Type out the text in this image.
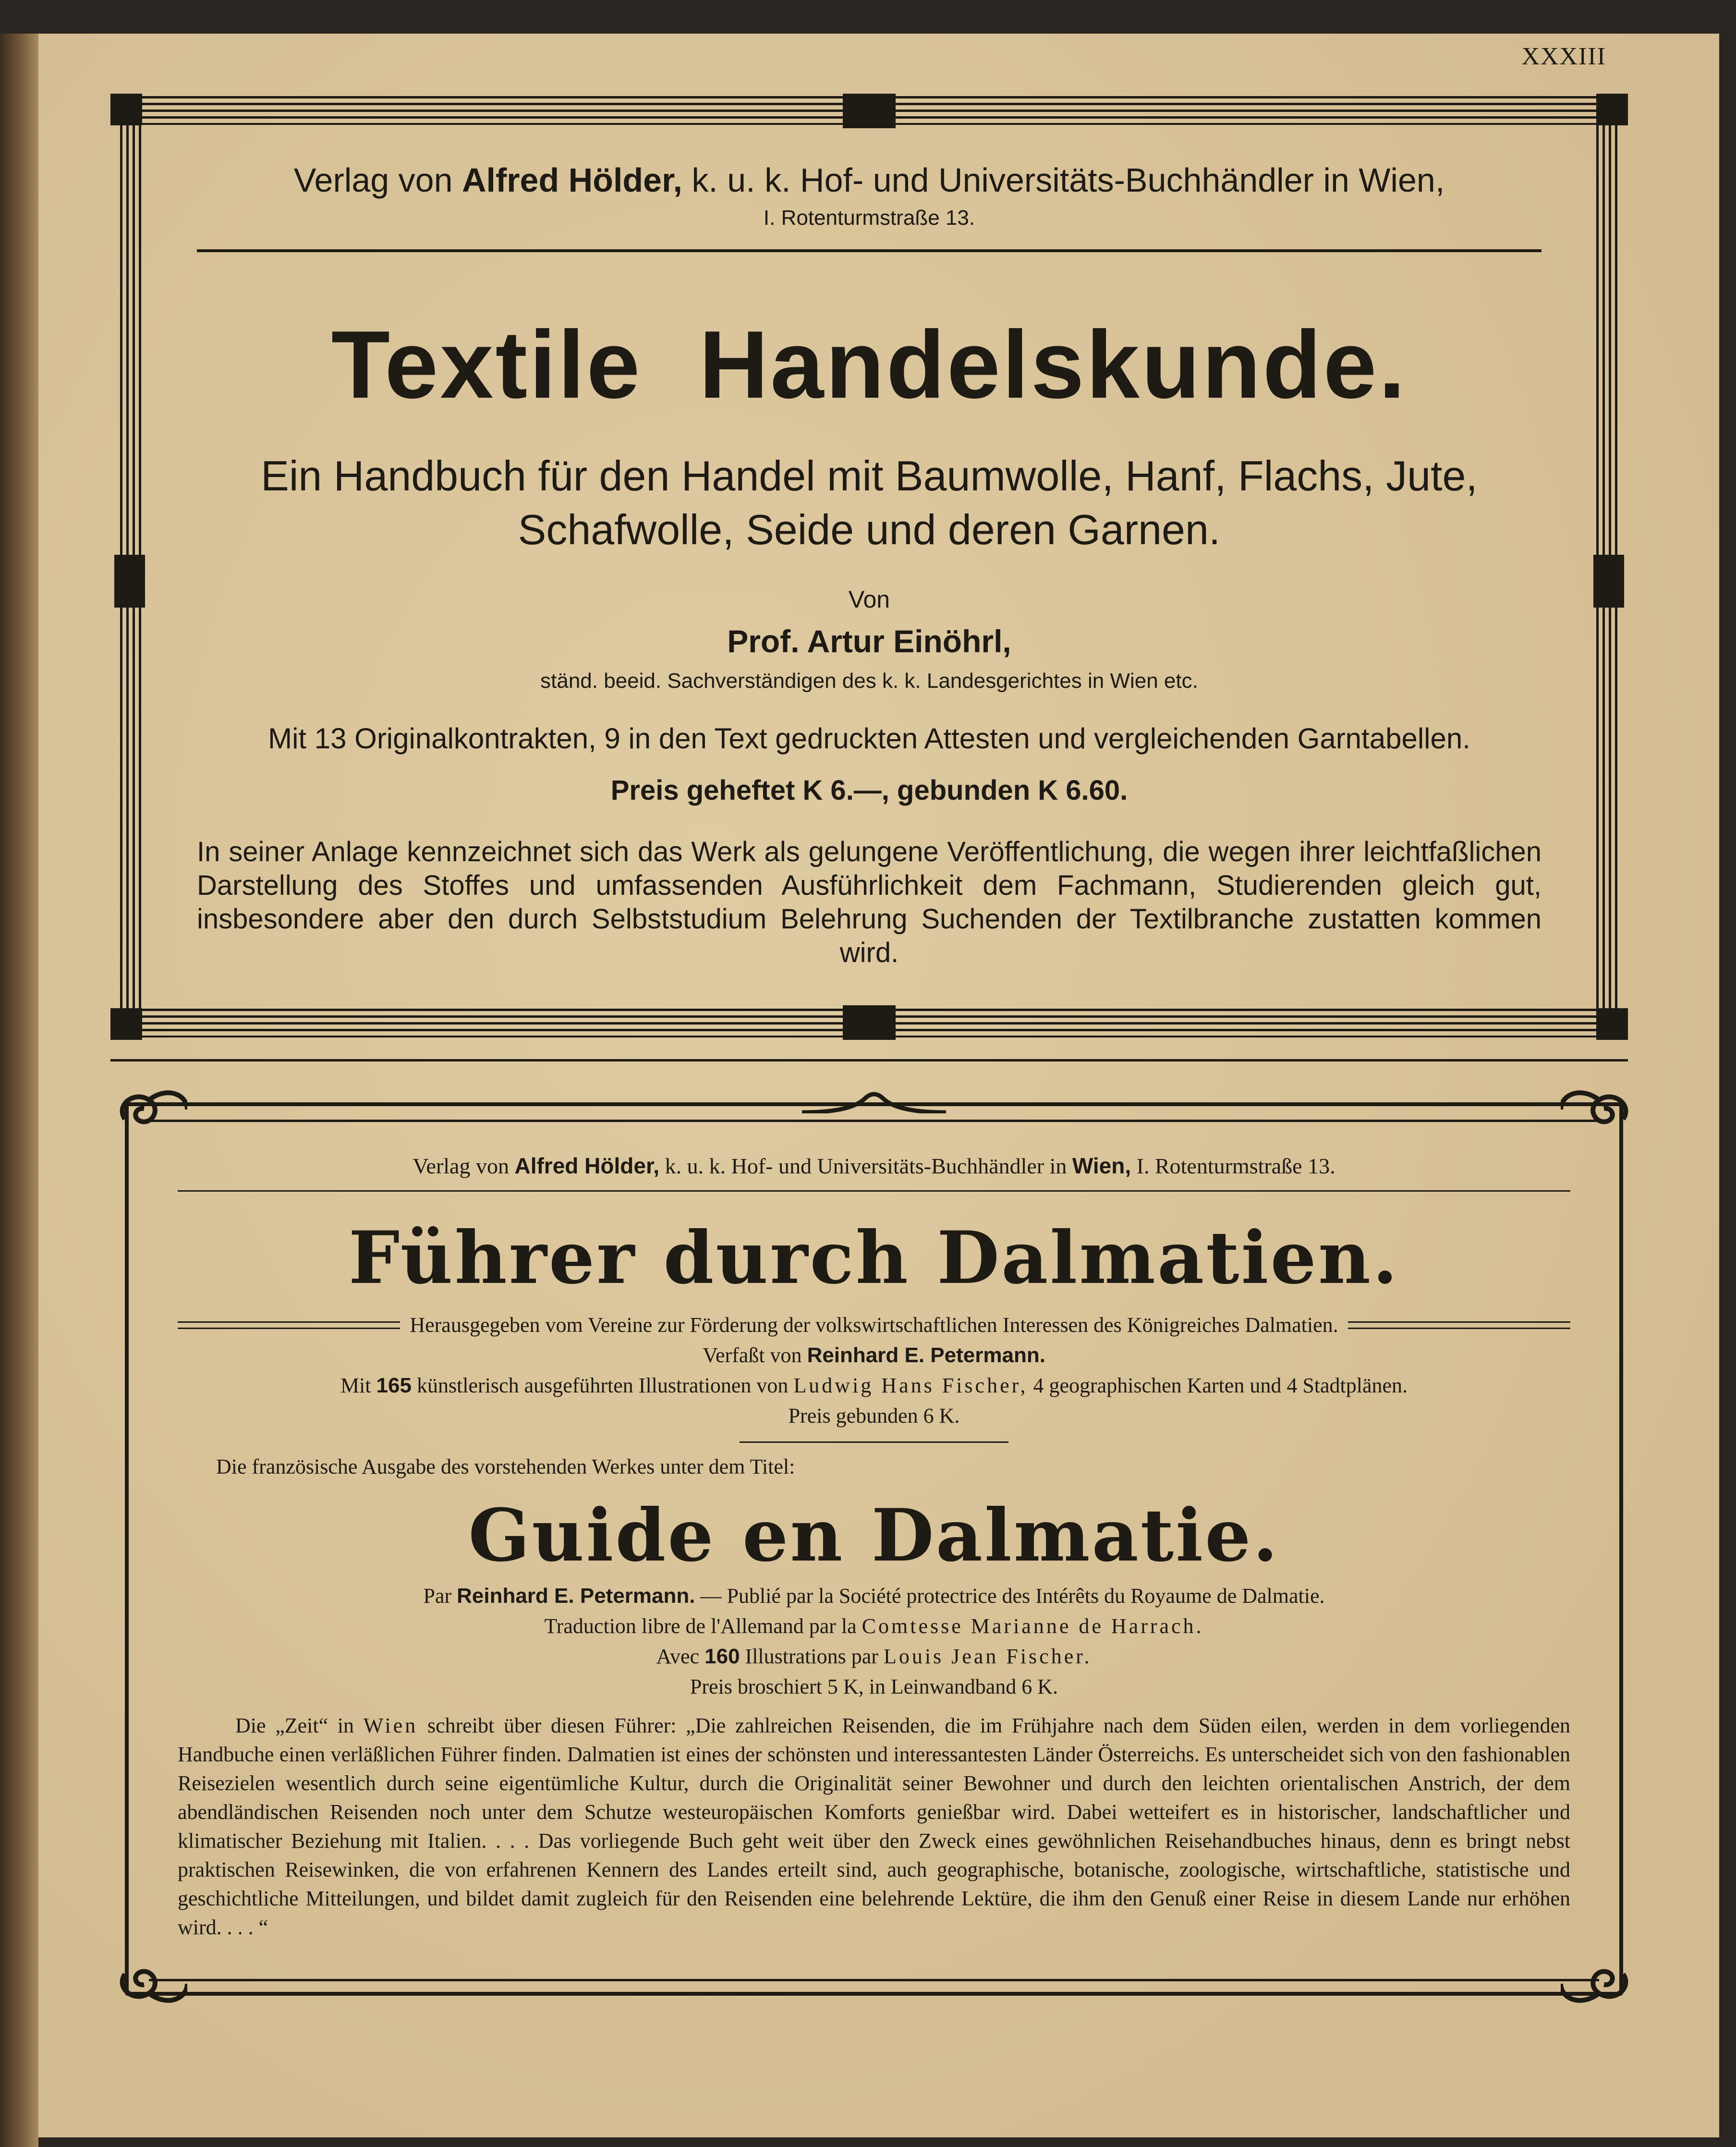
XXXIII
Verlag von Alfred Hölder, k. u. k. Hof- und Universitäts-Buchhändler in Wien,
I. Rotenturmstraße 13.
Textile  Handelskunde.
Ein Handbuch für den Handel mit Baumwolle, Hanf, Flachs, Jute,
Schafwolle, Seide und deren Garnen.
Von
Prof. Artur Einöhrl,
ständ. beeid. Sachverständigen des k. k. Landesgerichtes in Wien etc.
Mit 13 Originalkontrakten, 9 in den Text gedruckten Attesten und vergleichenden Garntabellen.
Preis geheftet K 6.—, gebunden K 6.60.
In seiner Anlage kennzeichnet sich das Werk als gelungene Veröffentlichung, die wegen ihrer leichtfaßlichen Darstellung des Stoffes und umfassenden Ausführlichkeit dem Fachmann, Studierenden gleich gut, insbesondere aber den durch Selbststudium Belehrung Suchenden der Textilbranche zustatten kommen wird.
Verlag von Alfred Hölder, k. u. k. Hof- und Universitäts-Buchhändler in Wien, I. Rotenturmstraße 13.
Führer durch Dalmatien.
Herausgegeben vom Vereine zur Förderung der volkswirtschaftlichen Interessen des Königreiches Dalmatien.
Verfaßt von Reinhard E. Petermann.
Mit 165 künstlerisch ausgeführten Illustrationen von Ludwig Hans Fischer, 4 geographischen Karten und 4 Stadtplänen.
Preis gebunden 6 K.
Die französische Ausgabe des vorstehenden Werkes unter dem Titel:
Guide en Dalmatie.
Par Reinhard E. Petermann. — Publié par la Société protectrice des Intérêts du Royaume de Dalmatie.
Traduction libre de l'Allemand par la Comtesse Marianne de Harrach.
Avec 160 Illustrations par Louis Jean Fischer.
Preis broschiert 5 K, in Leinwandband 6 K.
Die „Zeit“ in Wien schreibt über diesen Führer: „Die zahlreichen Reisenden, die im Frühjahre nach dem Süden eilen, werden in dem vorliegenden Handbuche einen verläßlichen Führer finden. Dalmatien ist eines der schönsten und interessantesten Länder Österreichs. Es unterscheidet sich von den fashionablen Reisezielen wesentlich durch seine eigentümliche Kultur, durch die Originalität seiner Bewohner und durch den leichten orientalischen Anstrich, der dem abendländischen Reisenden noch unter dem Schutze westeuropäischen Komforts genießbar wird. Dabei wetteifert es in historischer, landschaftlicher und klimatischer Beziehung mit Italien. . . . Das vorliegende Buch geht weit über den Zweck eines gewöhnlichen Reisehandbuches hinaus, denn es bringt nebst praktischen Reisewinken, die von erfahrenen Kennern des Landes erteilt sind, auch geographische, botanische, zoologische, wirtschaftliche, statistische und geschichtliche Mitteilungen, und bildet damit zugleich für den Reisenden eine belehrende Lektüre, die ihm den Genuß einer Reise in diesem Lande nur erhöhen wird. . . . “
